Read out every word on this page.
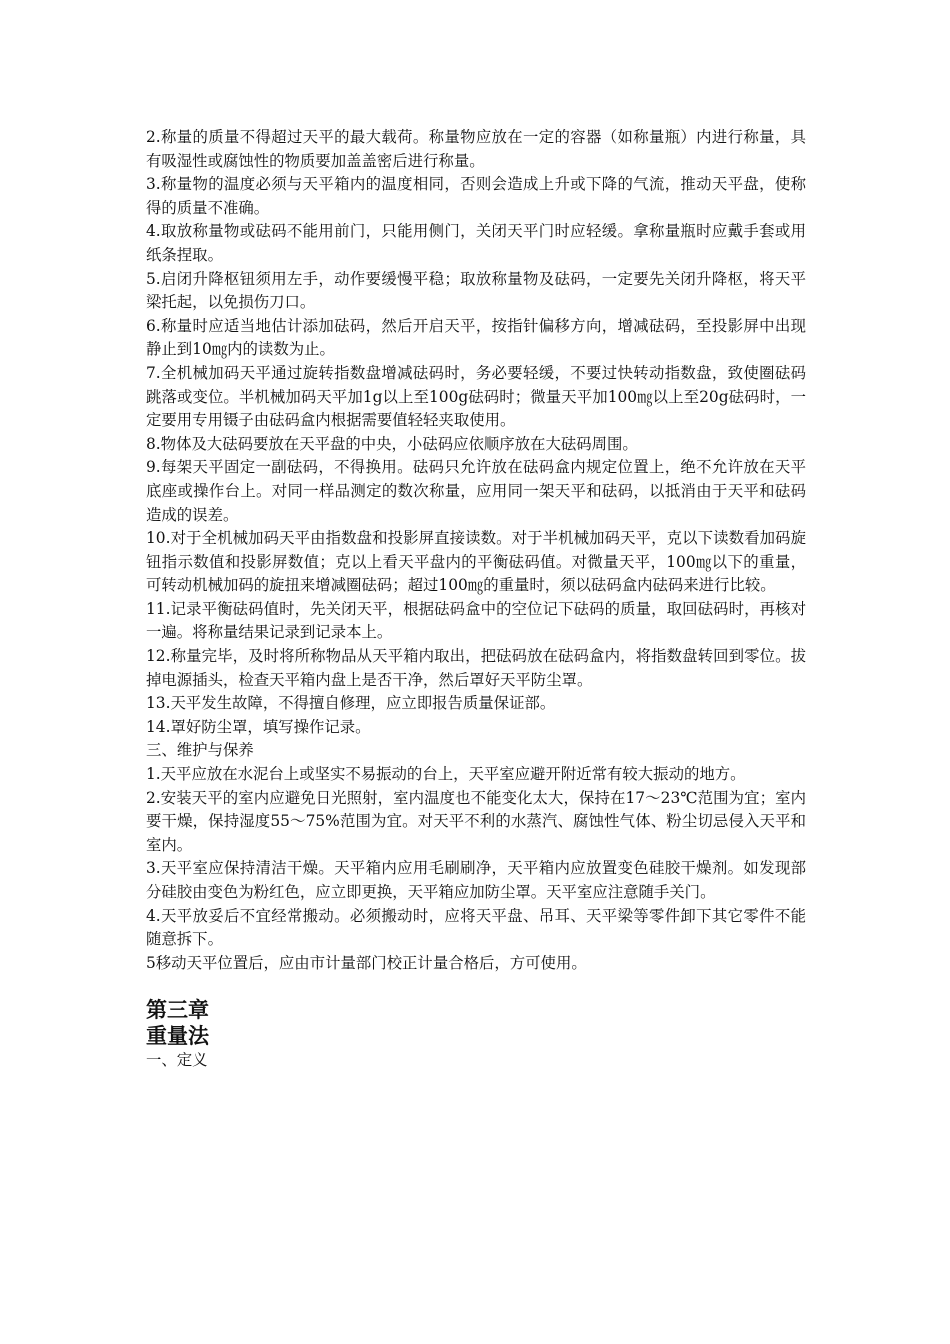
2.称量的质量不得超过天平的最大载荷。称量物应放在一定的容器（如称量瓶）内进行称量，具有吸湿性或腐蚀性的物质要加盖盖密后进行称量。

3.称量物的温度必须与天平箱内的温度相同，否则会造成上升或下降的气流，推动天平盘，使称得的质量不准确。

4.取放称量物或砝码不能用前门，只能用侧门，关闭天平门时应轻缓。拿称量瓶时应戴手套或用纸条捏取。

5.启闭升降枢钮须用左手，动作要缓慢平稳；取放称量物及砝码，一定要先关闭升降枢，将天平梁托起，以免损伤刀口。

6.称量时应适当地估计添加砝码，然后开启天平，按指针偏移方向，增减砝码，至投影屏中出现静止到10㎎内的读数为止。

7.全机械加码天平通过旋转指数盘增减砝码时，务必要轻缓，不要过快转动指数盘，致使圈砝码跳落或变位。半机械加码天平加1g以上至100g砝码时；微量天平加100㎎以上至20g砝码时，一定要用专用镊子由砝码盒内根据需要值轻轻夹取使用。

8.物体及大砝码要放在天平盘的中央，小砝码应依顺序放在大砝码周围。

9.每架天平固定一副砝码，不得换用。砝码只允许放在砝码盒内规定位置上，绝不允许放在天平底座或操作台上。对同一样品测定的数次称量，应用同一架天平和砝码，以抵消由于天平和砝码造成的误差。

10.对于全机械加码天平由指数盘和投影屏直接读数。对于半机械加码天平，克以下读数看加码旋钮指示数值和投影屏数值；克以上看天平盘内的平衡砝码值。对微量天平，100㎎以下的重量，可转动机械加码的旋扭来增减圈砝码；超过100㎎的重量时，须以砝码盒内砝码来进行比较。

11.记录平衡砝码值时，先关闭天平，根据砝码盒中的空位记下砝码的质量，取回砝码时，再核对一遍。将称量结果记录到记录本上。

12.称量完毕，及时将所称物品从天平箱内取出，把砝码放在砝码盒内，将指数盘转回到零位。拔掉电源插头，检查天平箱内盘上是否干净，然后罩好天平防尘罩。

13.天平发生故障，不得擅自修理，应立即报告质量保证部。

14.罩好防尘罩，填写操作记录。

三、维护与保养

1.天平应放在水泥台上或坚实不易振动的台上，天平室应避开附近常有较大振动的地方。

2.安装天平的室内应避免日光照射，室内温度也不能变化太大，保持在17～23℃范围为宜；室内要干燥，保持湿度55～75%范围为宜。对天平不利的水蒸汽、腐蚀性气体、粉尘切忌侵入天平和室内。

3.天平室应保持清洁干燥。天平箱内应用毛刷刷净，天平箱内应放置变色硅胶干燥剂。如发现部分硅胶由变色为粉红色，应立即更换，天平箱应加防尘罩。天平室应注意随手关门。

4.天平放妥后不宜经常搬动。必须搬动时，应将天平盘、吊耳、天平梁等零件卸下其它零件不能随意拆下。

5移动天平位置后，应由市计量部门校正计量合格后，方可使用。

第三章

重量法

一、定义
